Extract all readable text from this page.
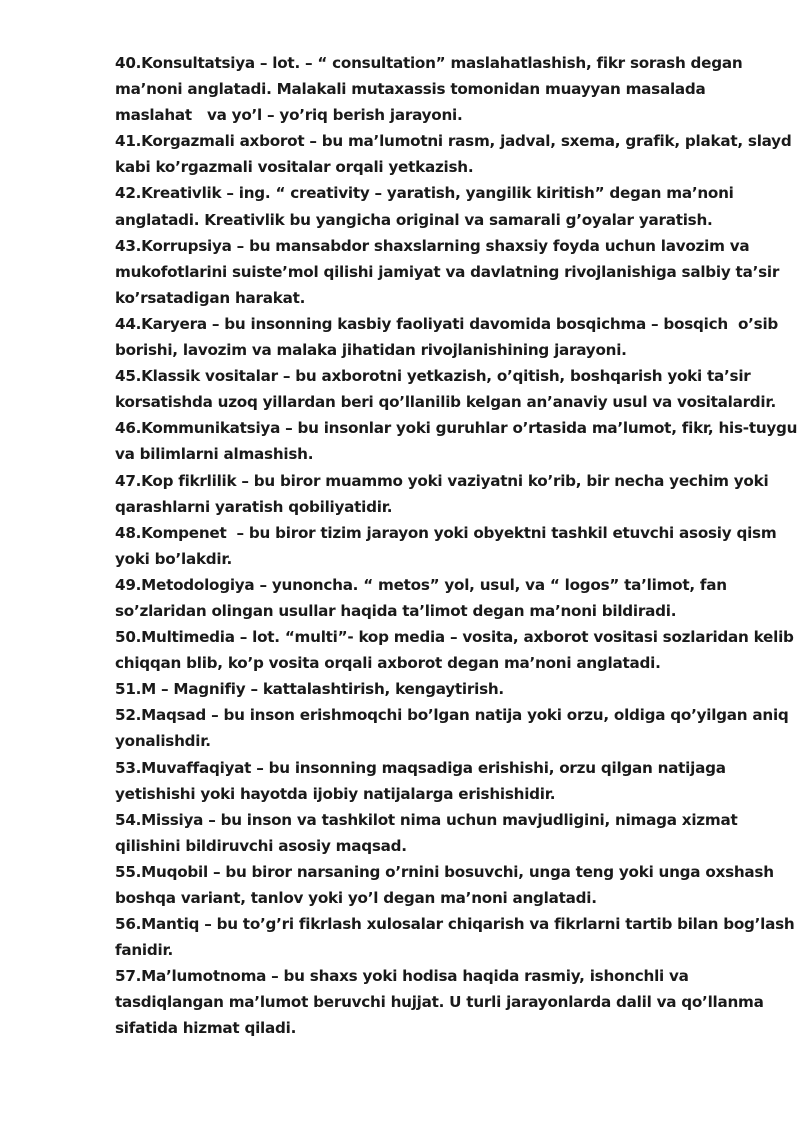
40.Konsultatsiya – lot. – “ consultation” maslahatlashish, fikr sorash degan
ma’noni anglatadi. Malakali mutaxassis tomonidan muayyan masalada
maslahat   va yo’l – yo’riq berish jarayoni.
41.Korgazmali axborot – bu ma’lumotni rasm, jadval, sxema, grafik, plakat, slayd
kabi ko’rgazmali vositalar orqali yetkazish.
42.Kreativlik – ing. “ creativity – yaratish, yangilik kiritish” degan ma’noni
anglatadi. Kreativlik bu yangicha original va samarali g’oyalar yaratish.
43.Korrupsiya – bu mansabdor shaxslarning shaxsiy foyda uchun lavozim va
mukofotlarini suiste’mol qilishi jamiyat va davlatning rivojlanishiga salbiy ta’sir
ko’rsatadigan harakat.
44.Karyera – bu insonning kasbiy faoliyati davomida bosqichma – bosqich  o’sib
borishi, lavozim va malaka jihatidan rivojlanishining jarayoni.
45.Klassik vositalar – bu axborotni yetkazish, o’qitish, boshqarish yoki ta’sir
korsatishda uzoq yillardan beri qo’llanilib kelgan an’anaviy usul va vositalardir.
46.Kommunikatsiya – bu insonlar yoki guruhlar o’rtasida ma’lumot, fikr, his-tuygu
va bilimlarni almashish.
47.Kop fikrlilik – bu biror muammo yoki vaziyatni ko’rib, bir necha yechim yoki
qarashlarni yaratish qobiliyatidir.
48.Kompenet  – bu biror tizim jarayon yoki obyektni tashkil etuvchi asosiy qism
yoki bo’lakdir.
49.Metodologiya – yunoncha. “ metos” yol, usul, va “ logos” ta’limot, fan
so’zlaridan olingan usullar haqida ta’limot degan ma’noni bildiradi.
50.Multimedia – lot. “multi”- kop media – vosita, axborot vositasi sozlaridan kelib
chiqqan blib, ko’p vosita orqali axborot degan ma’noni anglatadi.
51.M – Magnifiy – kattalashtirish, kengaytirish.
52.Maqsad – bu inson erishmoqchi bo’lgan natija yoki orzu, oldiga qo’yilgan aniq
yonalishdir.
53.Muvaffaqiyat – bu insonning maqsadiga erishishi, orzu qilgan natijaga
yetishishi yoki hayotda ijobiy natijalarga erishishidir.
54.Missiya – bu inson va tashkilot nima uchun mavjudligini, nimaga xizmat
qilishini bildiruvchi asosiy maqsad.
55.Muqobil – bu biror narsaning o’rnini bosuvchi, unga teng yoki unga oxshash
boshqa variant, tanlov yoki yo’l degan ma’noni anglatadi.
56.Mantiq – bu to’g’ri fikrlash xulosalar chiqarish va fikrlarni tartib bilan bog’lash
fanidir.
57.Ma’lumotnoma – bu shaxs yoki hodisa haqida rasmiy, ishonchli va
tasdiqlangan ma’lumot beruvchi hujjat. U turli jarayonlarda dalil va qo’llanma
sifatida hizmat qiladi.
